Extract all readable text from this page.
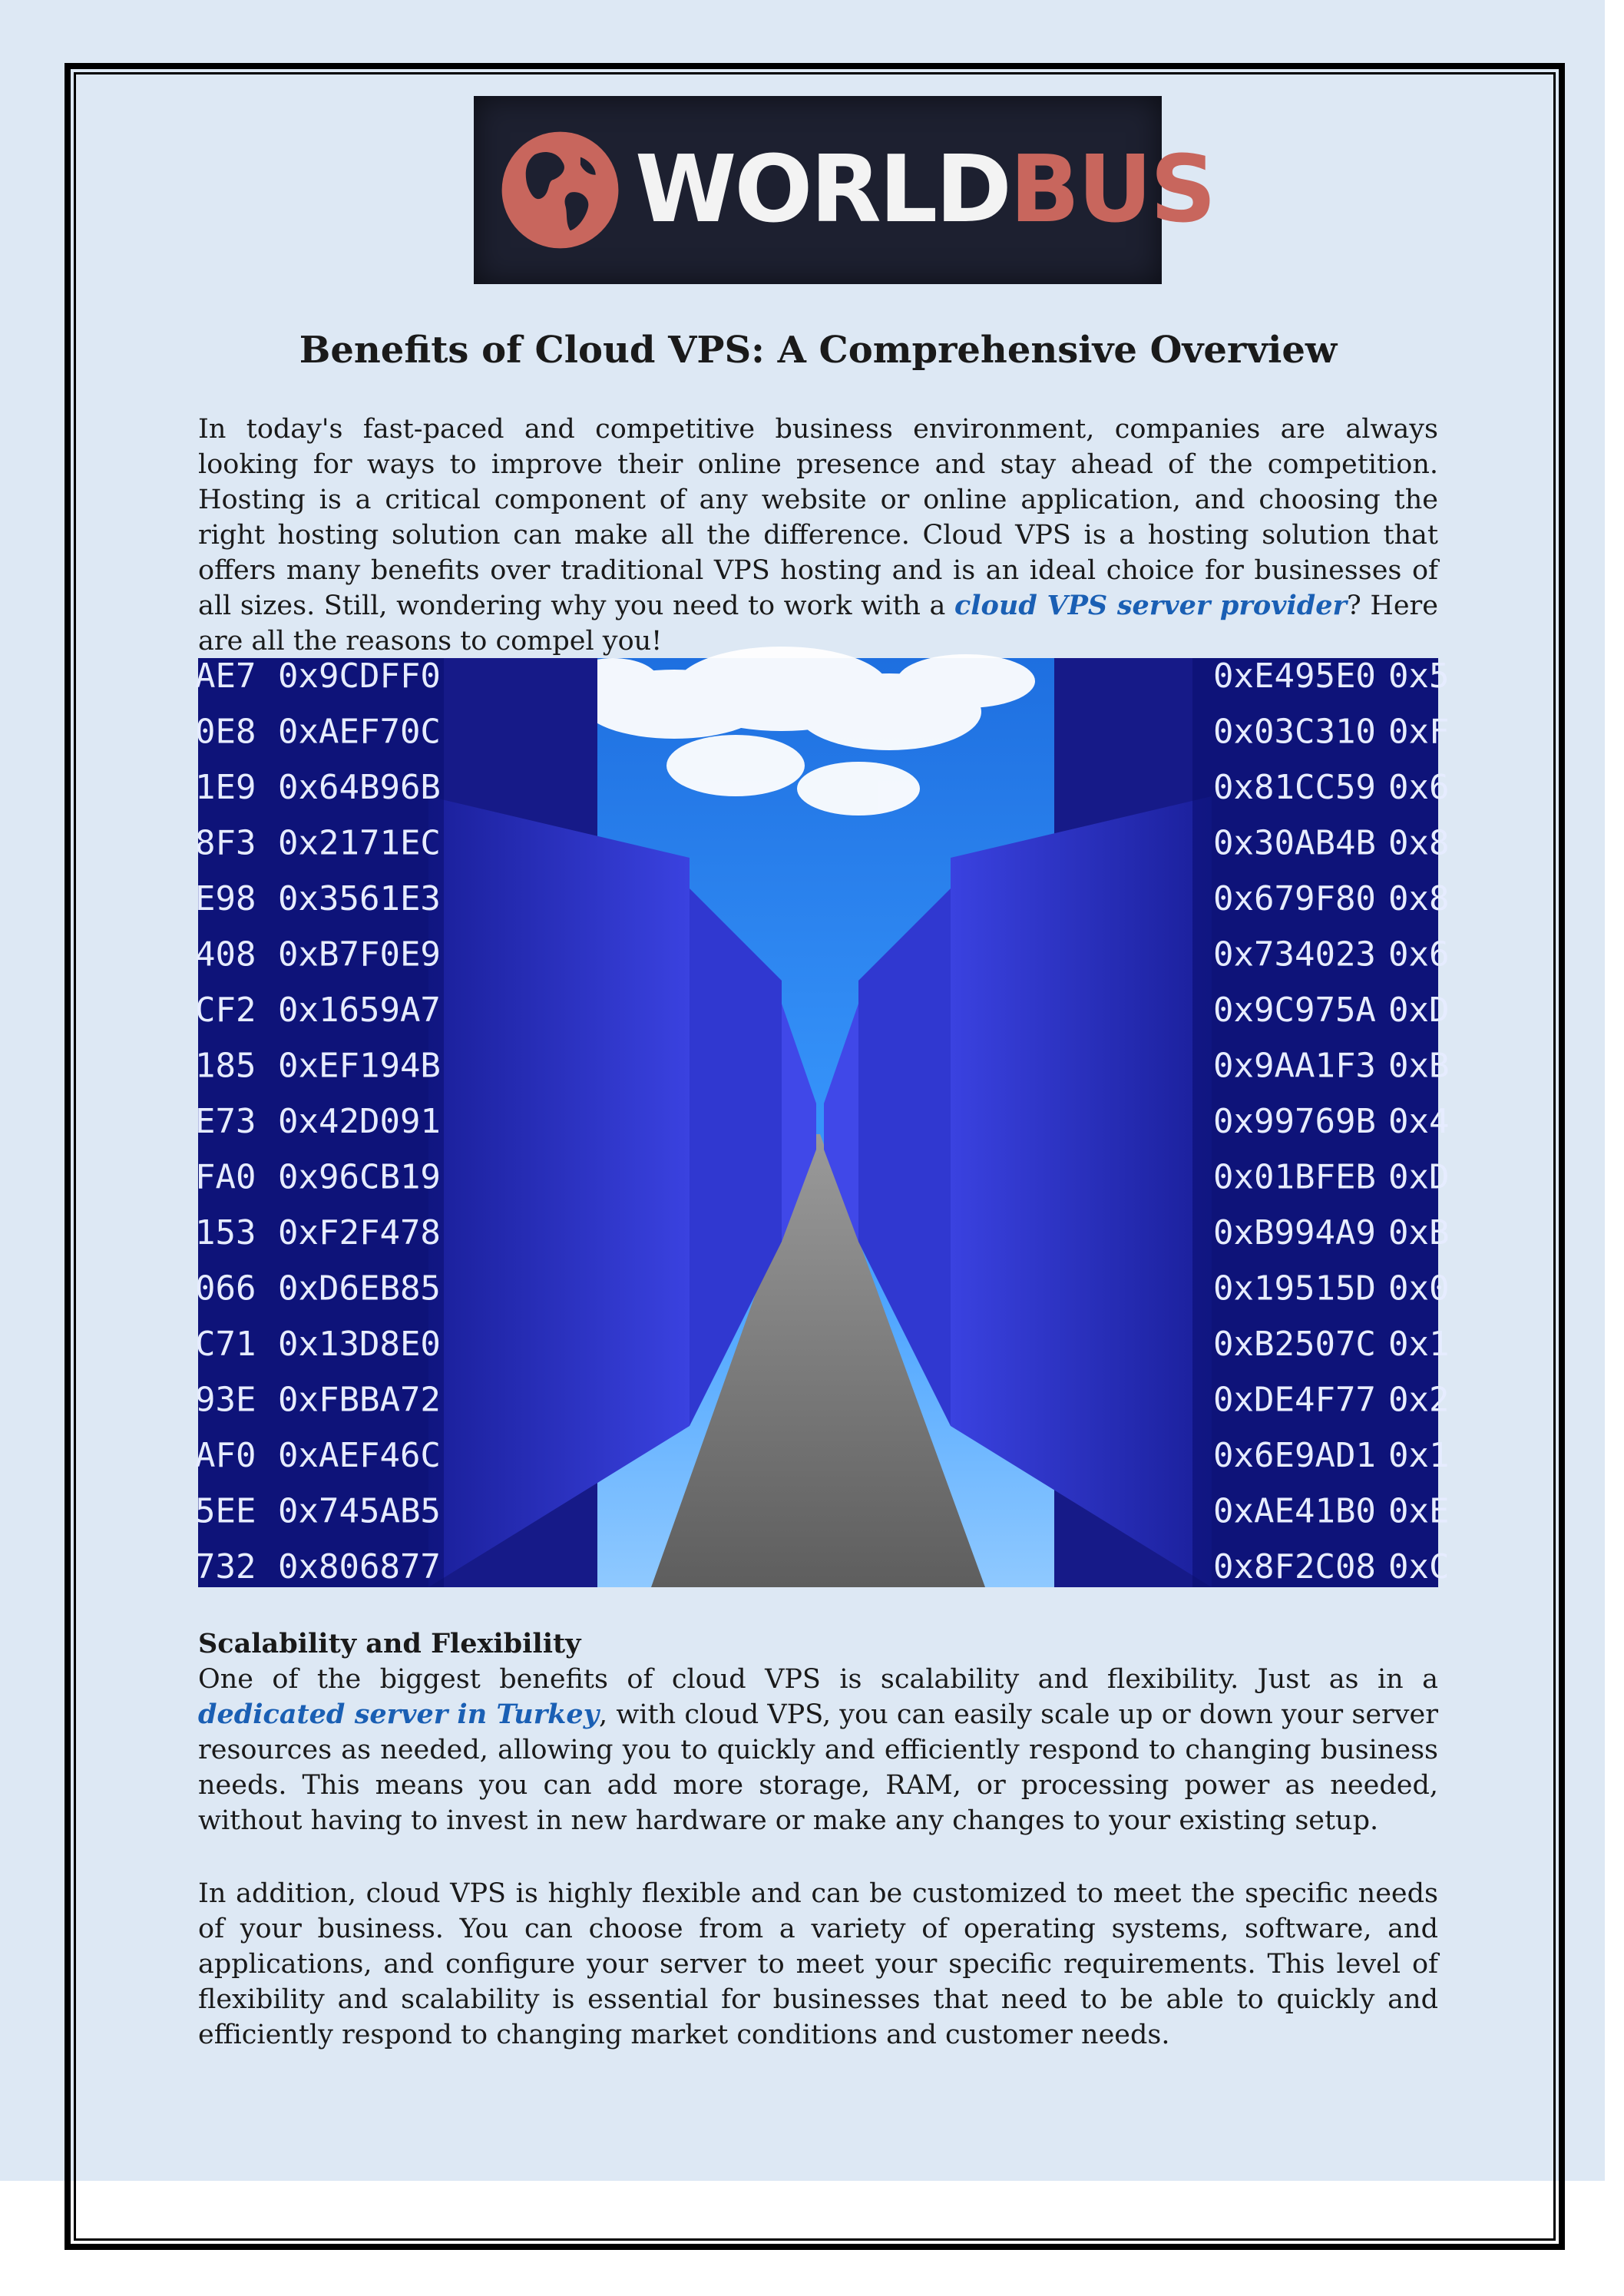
WORLD BUS
Benefits of Cloud VPS: A Comprehensive Overview

In today's fast-paced and competitive business environment, companies are always looking for ways to improve their online presence and stay ahead of the competition. Hosting is a critical component of any website or online application, and choosing the right hosting solution can make all the difference. Cloud VPS is a hosting solution that offers many benefits over traditional VPS hosting and is an ideal choice for businesses of all sizes. Still, wondering why you need to work with a cloud VPS server provider? Here are all the reasons to compel you!

AE7
0E8
1E9
8F3
E98
408
CF2
185
E73
FA0
153
066
C71
93E
AF0
5EE
732
0x9CDFF0
0xAEF70C
0x64B96B
0x2171EC
0x3561E3
0xB7F0E9
0x1659A7
0xEF194B
0x42D091
0x96CB19
0xF2F478
0xD6EB85
0x13D8E0
0xFBBA72
0xAEF46C
0x745AB5
0x806877
0xE495E0
0x03C310
0x81CC59
0x30AB4B
0x679F80
0x734023
0x9C975A
0x9AA1F3
0x99769B
0x01BFEB
0xB994A9
0x19515D
0xB2507C
0xDE4F77
0x6E9AD1
0xAE41B0
0x8F2C08
0x5
0xF
0x6
0x8
0x8
0x6
0xD
0xB
0x4
0xD
0xB
0x0
0x1
0x2
0x1
0xE
0xC
Scalability and Flexibility

One of the biggest benefits of cloud VPS is scalability and flexibility. Just as in a dedicated server in Turkey, with cloud VPS, you can easily scale up or down your server resources as needed, allowing you to quickly and efficiently respond to changing business needs. This means you can add more storage, RAM, or processing power as needed, without having to invest in new hardware or make any changes to your existing setup.

In addition, cloud VPS is highly flexible and can be customized to meet the specific needs of your business. You can choose from a variety of operating systems, software, and applications, and configure your server to meet your specific requirements. This level of flexibility and scalability is essential for businesses that need to be able to quickly and efficiently respond to changing market conditions and customer needs.
